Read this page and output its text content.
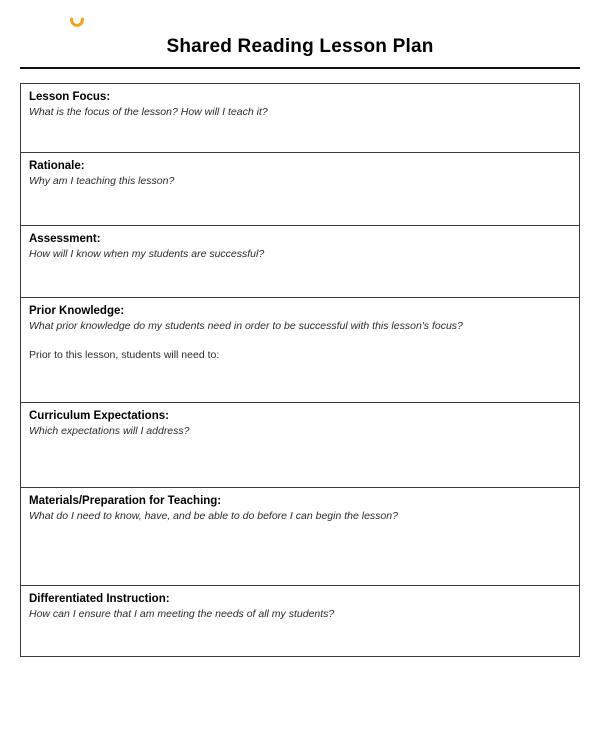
Shared Reading Lesson Plan
Lesson Focus:
What is the focus of the lesson? How will I teach it?
Rationale:
Why am I teaching this lesson?
Assessment:
How will I know when my students are successful?
Prior Knowledge:
What prior knowledge do my students need in order to be successful with this lesson's focus?
Prior to this lesson, students will need to:
Curriculum Expectations:
Which expectations will I address?
Materials/Preparation for Teaching:
What do I need to know, have, and be able to do before I can begin the lesson?
Differentiated Instruction:
How can I ensure that I am meeting the needs of all my students?
